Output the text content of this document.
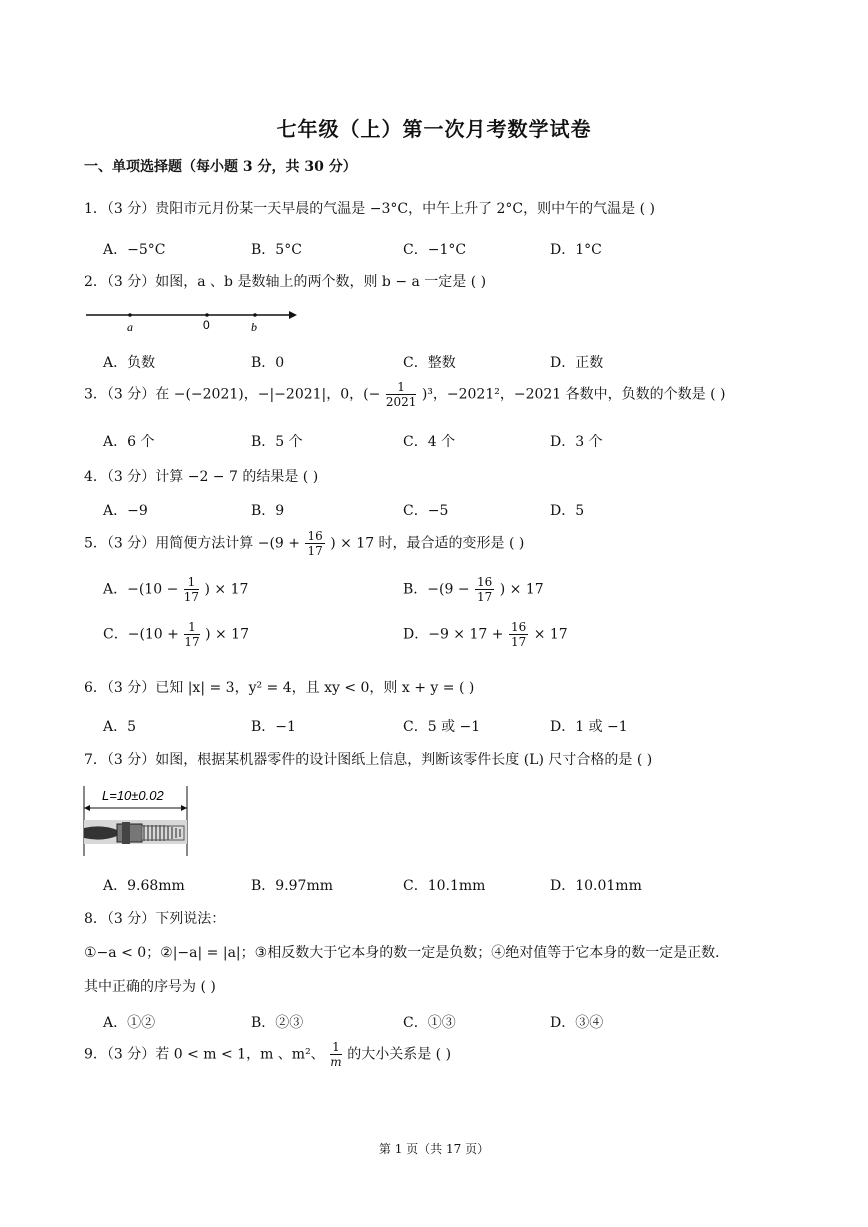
七年级（上）第一次月考数学试卷
一、单项选择题（每小题 3 分，共 30 分）
1．（3 分）贵阳市元月份某一天早晨的气温是 −3°C，中午上升了 2°C，则中午的气温是 ( )
A．−5°C	B．5°C	C．−1°C	D．1°C
2．（3 分）如图，a 、b 是数轴上的两个数，则 b − a 一定是 ( )
a	0	b
A．负数	B．0	C．整数	D．正数
3．（3 分）在 −(−2021)，−|−2021|，0，(− $\frac{1}{2021} )^3$，−2021²，−2021 各数中，负数的个数是 ( )
A．6 个	B．5 个	C．4 个	D．3 个
4．（3 分）计算 −2 − 7 的结果是 ( )
A．−9	B．9	C．−5	D．5
5．（3 分）用简便方法计算 $-(9 + \frac{16}{17}$ ) × 17 时，最合适的变形是 ( )
A．$-(10 - \frac{1}{17}$ ) × 17	B．$-(9 - \frac{16}{17}$ ) × 17
C．$-(10 + \frac{1}{17}$ ) × 17	D．$-9 \times 17 + \frac{16}{17} \times 17$
6．（3 分）已知 |x| = 3，y² = 4，且 xy < 0，则 x + y = ( )
A．5	B．−1	C．5 或 −1	D．1 或 −1
7．（3 分）如图，根据某机器零件的设计图纸上信息，判断该零件长度 (L) 尺寸合格的是 ( )
L=10±0.02
A．9.68mm	B．9.97mm	C．10.1mm	D．10.01mm
8．（3 分）下列说法：
①−a < 0；②|−a| = |a|；③相反数大于它本身的数一定是负数；④绝对值等于它本身的数一定是正数．
其中正确的序号为 ( )
A．①②	B．②③	C．①③	D．③④
9．（3 分）若 0 < m < 1，m 、m²、 $\frac{1}{m}$ 的大小关系是 ( )
第 1 页（共 17 页）
